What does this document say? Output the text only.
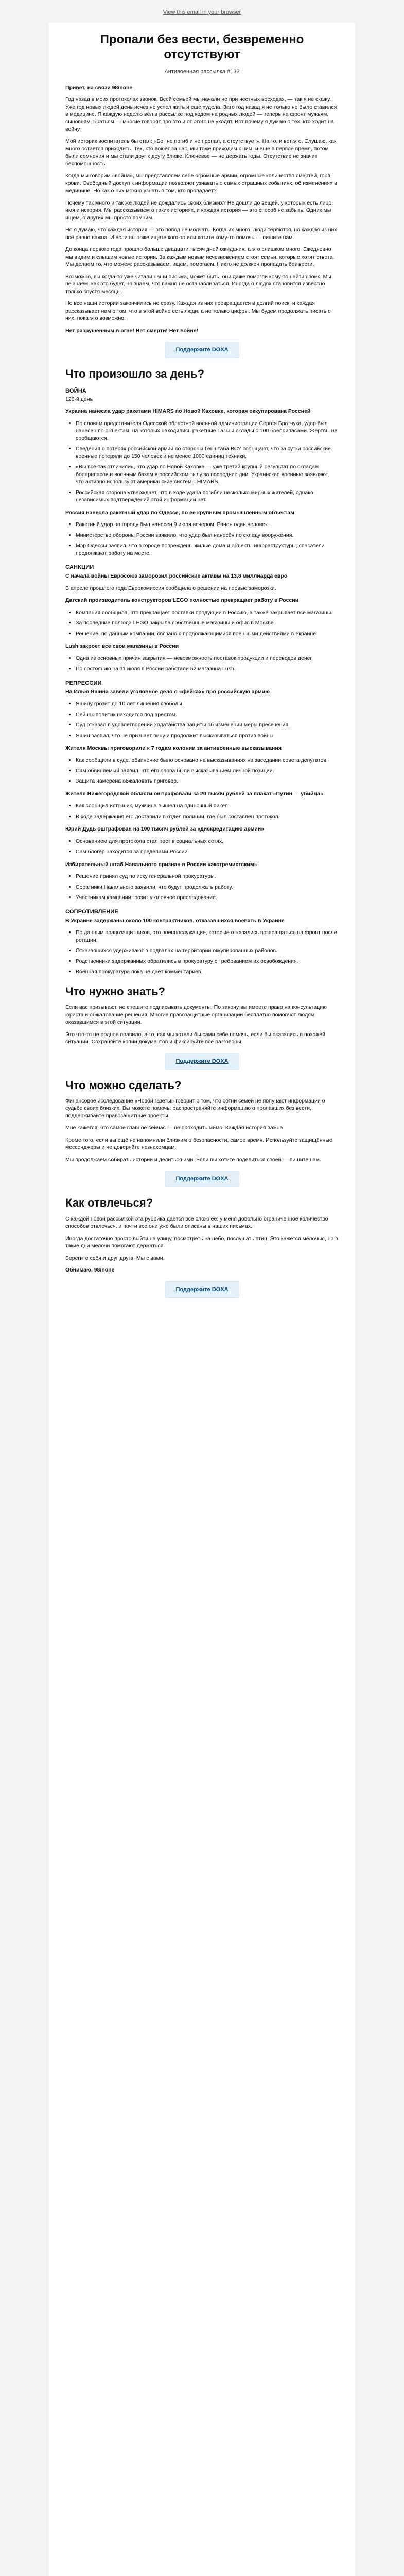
View this email in your browser
Пропали без вести, безвременно отсутствуют
Антивоенная рассылка #132

Привет, на связи 98/none

Год назад в моих протоколах звонок. Всей семьей мы начали не при честных восходах, — так я не скажу. Уже год новых людей день исчез не успел жить и еще худела. Зато год назад я не только не было ставился в медицине. Я каждую неделю вёл в рассылке под кодом на родных людей — теперь на фронт мужьям, сыновьям, братьям — многие говорят про это и от этого не уходят. Вот почему я думаю о тех, кто ходит на войну.

Мой историк воспитатель бы стал: «Бог не погиб и не пропал, а отсутствует». На то, и вот это. Слушаю, как много остается приходить. Тех, кто воюет за нас, мы тоже приходим к ним, и еще в первое время, потом были сомнения и мы стали друг к другу ближе. Ключевое — не держать годы. Отсутствие не значит беспомощность.

Когда мы говорим «война», мы представляем себе огромные армии, огромные количество смертей, горя, крови. Свободный доступ к информации позволяет узнавать о самых страшных событиях, об изменениях в медицине. Но как о них можно узнать в том, кто пропадает?

Почему так много и так же людей не дождались своих близких? Не дошли до вещей, у которых есть лицо, имя и история. Мы рассказываем о таких историях, и каждая история — это способ не забыть. Одних мы ищем, о других мы просто помним.

Но я думаю, что каждая история — это повод не молчать. Когда их много, люди теряются, но каждая из них всё равно важна. И если вы тоже ищете кого-то или хотите кому-то помочь — пишите нам.

До конца первого года прошло больше двадцати тысяч дней ожидания, а это слишком много. Ежедневно мы видим и слышим новые истории. За каждым новым исчезновением стоят семьи, которые хотят ответа. Мы делаем то, что можем: рассказываем, ищем, помогаем. Никто не должен пропадать без вести.

Возможно, вы когда-то уже читали наши письма, может быть, они даже помогли кому-то найти своих. Мы не знаем, как это будет, но знаем, что важно не останавливаться. Иногда о людях становится известно только спустя месяцы.

Но все наши истории закончились не сразу. Каждая из них превращается в долгий поиск, и каждая рассказывает нам о том, что в этой войне есть люди, а не только цифры. Мы будем продолжать писать о них, пока это возможно.

Нет разрушенным в огне! Нет смерти! Нет войне!

Поддержите DOXA
Что произошло за день?
ВОЙНА
126-й день

Украина нанесла удар ракетами HIMARS по Новой Каховке, которая оккупирована Россией

• По словам представителя Одесской областной военной администрации Сергея Братчука, удар был нанесен по объектам, на которых находились ракетные базы и склады с 100 боеприпасами. Жертвы не сообщаются.
• Сведения о потерях российской армии со стороны Генштаба ВСУ сообщают, что за сутки российские военные потеряли до 150 человек и не менее 1000 единиц техники.
• «Вы всё-так отличили», что удар по Новой Каховке — уже третий крупный результат по складам боеприпасов и военным базам в российском тылу за последние дни. Украинские военные заявляют, что активно используют американские системы HIMARS.
• Российская сторона утверждает, что в ходе удара погибли несколько мирных жителей, однако независимых подтверждений этой информации нет.

Россия нанесла ракетный удар по Одессе, по ее крупным промышленным объектам

• Ракетный удар по городу был нанесен 9 июля вечером. Ранен один человек.
• Министерство обороны России заявило, что удар был нанесён по складу вооружения.
• Мэр Одессы заявил, что в городе повреждены жилые дома и объекты инфраструктуры, спасатели продолжают работу на месте.
САНКЦИИ

С начала войны Евросоюз заморозил российские активы на 13,8 миллиарда евро

В апреле прошлого года Еврокомиссия сообщила о решении на первые заморозки.

Датский производитель конструкторов LEGO полностью прекращает работу в России

• Компания сообщила, что прекращает поставки продукции в Россию, а также закрывает все магазины.
• За последние полгода LEGO закрыла собственные магазины и офис в Москве.
• Решение, по данным компании, связано с продолжающимися военными действиями в Украине.

Lush закроет все свои магазины в России

• Одна из основных причин закрытия — невозможность поставок продукции и переводов денег.
• По состоянию на 11 июля в России работали 52 магазина Lush.
РЕПРЕССИИ

На Илью Яшина завели уголовное дело о «фейках» про российскую армию

• Яшину грозит до 10 лет лишения свободы.
• Сейчас политик находится под арестом.
• Суд отказал в удовлетворении ходатайства защиты об изменении меры пресечения.
• Яшин заявил, что не признаёт вину и продолжит высказываться против войны.

Жителя Москвы приговорили к 7 годам колонии за антивоенные высказывания

• Как сообщили в суде, обвинение было основано на высказываниях на заседании совета депутатов.
• Сам обвиняемый заявил, что его слова были высказыванием личной позиции.
• Защита намерена обжаловать приговор.

Жителя Нижегородской области оштрафовали за 20 тысяч рублей за плакат «Путин — убийца»

• Как сообщил источник, мужчина вышел на одиночный пикет.
• В ходе задержания его доставили в отдел полиции, где был составлен протокол.

Юрий Дудь оштрафован на 100 тысяч рублей за «дискредитацию армии»

• Основанием для протокола стал пост в социальных сетях.
• Сам блогер находится за пределами России.

Избирательный штаб Навального признан в России «экстремистским»

• Решение принял суд по иску генеральной прокуратуры.
• Соратники Навального заявили, что будут продолжать работу.
• Участникам кампании грозит уголовное преследование.
СОПРОТИВЛЕНИЕ

В Украине задержаны около 100 контрактников, отказавшихся воевать в Украине

• По данным правозащитников, это военнослужащие, которые отказались возвращаться на фронт после ротации.
• Отказавшихся удерживают в подвалах на территории оккупированных районов.
• Родственники задержанных обратились в прокуратуру с требованием их освобождения.
• Военная прокуратура пока не даёт комментариев.
Что нужно знать?

Если вас призывают, не спешите подписывать документы. По закону вы имеете право на консультацию юриста и обжалование решения. Многие правозащитные организации бесплатно помогают людям, оказавшимся в этой ситуации.

Это что-то не родное правило, а то, как мы хотели бы сами себе помочь, если бы оказались в похожей ситуации. Сохраняйте копии документов и фиксируйте все разговоры.

Поддержите DOXA
Что можно сделать?

Финансовое исследование «Новой газеты» говорит о том, что сотни семей не получают информации о судьбе своих близких. Вы можете помочь: распространяйте информацию о пропавших без вести, поддерживайте правозащитные проекты.

Мне кажется, что самое главное сейчас — не проходить мимо. Каждая история важна.

Кроме того, если вы ещё не напомнили близким о безопасности, самое время. Используйте защищённые мессенджеры и не доверяйте незнакомцам.

Мы продолжаем собирать истории и делиться ими. Если вы хотите поделиться своей — пишите нам.

Поддержите DOXA
Как отвлечься?

С каждой новой рассылкой эта рубрика даётся всё сложнее: у меня довольно ограниченное количество способов отвлечься, и почти все они уже были описаны в наших письмах.

Иногда достаточно просто выйти на улицу, посмотреть на небо, послушать птиц. Это кажется мелочью, но в такие дни мелочи помогают держаться.

Берегите себя и друг друга. Мы с вами.

Обнимаю, 98/none

Поддержите DOXA
